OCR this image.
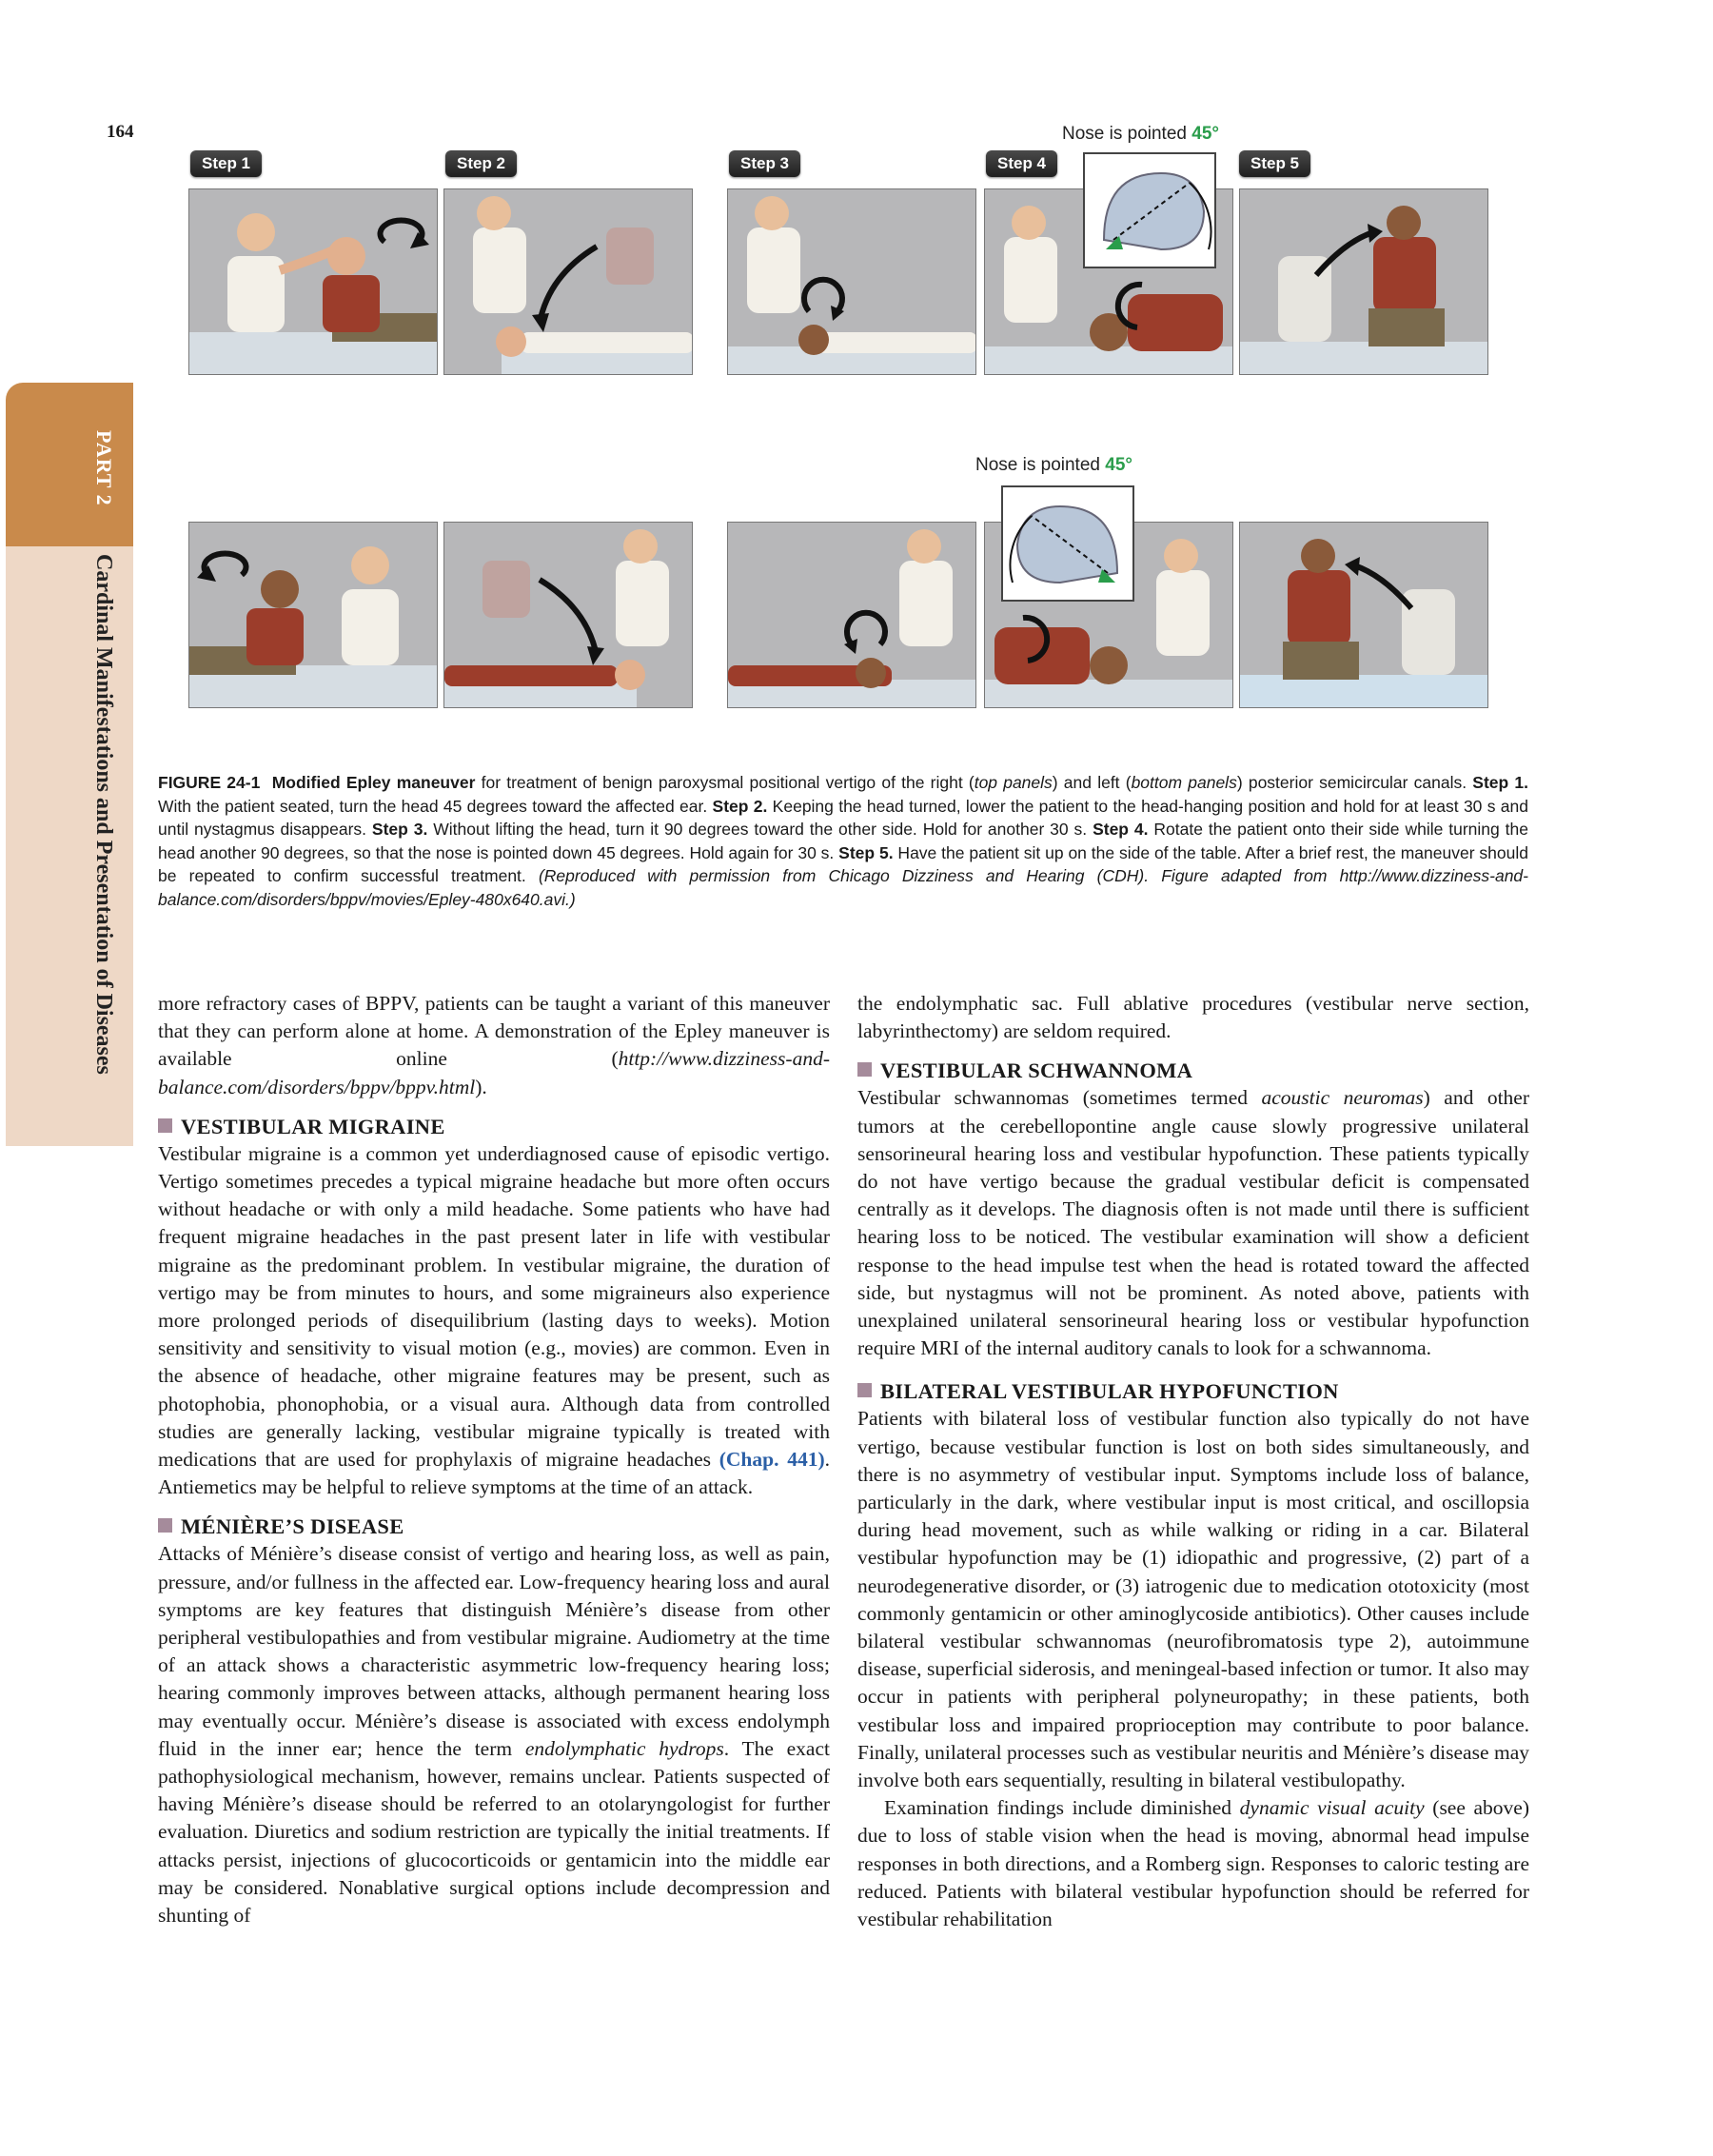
164
PART 2
Cardinal Manifestations and Presentation of Diseases
Step 1	Step 2	Step 3	Step 4	Step 5
Nose is pointed 45°
Nose is pointed 45°
FIGURE 24-1 Modified Epley maneuver for treatment of benign paroxysmal positional vertigo of the right (top panels) and left (bottom panels) posterior semicircular canals. Step 1. With the patient seated, turn the head 45 degrees toward the affected ear. Step 2. Keeping the head turned, lower the patient to the head-hanging position and hold for at least 30 s and until nystagmus disappears. Step 3. Without lifting the head, turn it 90 degrees toward the other side. Hold for another 30 s. Step 4. Rotate the patient onto their side while turning the head another 90 degrees, so that the nose is pointed down 45 degrees. Hold again for 30 s. Step 5. Have the patient sit up on the side of the table. After a brief rest, the maneuver should be repeated to confirm successful treatment. (Reproduced with permission from Chicago Dizziness and Hearing (CDH). Figure adapted from http://www.dizziness-and-balance.com/disorders/bppv/movies/Epley-480x640.avi.)

more refractory cases of BPPV, patients can be taught a variant of this maneuver that they can perform alone at home. A demonstration of the Epley maneuver is available online (http://www.dizziness-and-balance.com/disorders/bppv/bppv.html).

VESTIBULAR MIGRAINE

Vestibular migraine is a common yet underdiagnosed cause of episodic vertigo. Vertigo sometimes precedes a typical migraine headache but more often occurs without headache or with only a mild headache. Some patients who have had frequent migraine headaches in the past present later in life with vestibular migraine as the predominant problem. In vestibular migraine, the duration of vertigo may be from minutes to hours, and some migraineurs also experience more prolonged periods of disequilibrium (lasting days to weeks). Motion sensitivity and sensitivity to visual motion (e.g., movies) are common. Even in the absence of headache, other migraine features may be present, such as photophobia, phonophobia, or a visual aura. Although data from controlled studies are generally lacking, vestibular migraine typically is treated with medications that are used for prophylaxis of migraine headaches (Chap. 441). Antiemetics may be helpful to relieve symptoms at the time of an attack.

MÉNIÈRE’S DISEASE

Attacks of Ménière’s disease consist of vertigo and hearing loss, as well as pain, pressure, and/or fullness in the affected ear. Low-frequency hearing loss and aural symptoms are key features that distinguish Ménière’s disease from other peripheral vestibulopathies and from vestibular migraine. Audiometry at the time of an attack shows a characteristic asymmetric low-frequency hearing loss; hearing commonly improves between attacks, although permanent hearing loss may eventually occur. Ménière’s disease is associated with excess endolymph fluid in the inner ear; hence the term endolymphatic hydrops. The exact pathophysiological mechanism, however, remains unclear. Patients suspected of having Ménière’s disease should be referred to an otolaryngologist for further evaluation. Diuretics and sodium restriction are typically the initial treatments. If attacks persist, injections of glucocorticoids or gentamicin into the middle ear may be considered. Nonablative surgical options include decompression and shunting of

the endolymphatic sac. Full ablative procedures (vestibular nerve section, labyrinthectomy) are seldom required.

VESTIBULAR SCHWANNOMA

Vestibular schwannomas (sometimes termed acoustic neuromas) and other tumors at the cerebellopontine angle cause slowly progressive unilateral sensorineural hearing loss and vestibular hypofunction. These patients typically do not have vertigo because the gradual vestibular deficit is compensated centrally as it develops. The diagnosis often is not made until there is sufficient hearing loss to be noticed. The vestibular examination will show a deficient response to the head impulse test when the head is rotated toward the affected side, but nystagmus will not be prominent. As noted above, patients with unexplained unilateral sensorineural hearing loss or vestibular hypofunction require MRI of the internal auditory canals to look for a schwannoma.

BILATERAL VESTIBULAR HYPOFUNCTION

Patients with bilateral loss of vestibular function also typically do not have vertigo, because vestibular function is lost on both sides simultaneously, and there is no asymmetry of vestibular input. Symptoms include loss of balance, particularly in the dark, where vestibular input is most critical, and oscillopsia during head movement, such as while walking or riding in a car. Bilateral vestibular hypofunction may be (1) idiopathic and progressive, (2) part of a neurodegenerative disorder, or (3) iatrogenic due to medication ototoxicity (most commonly gentamicin or other aminoglycoside antibiotics). Other causes include bilateral vestibular schwannomas (neurofibromatosis type 2), autoimmune disease, superficial siderosis, and meningeal-based infection or tumor. It also may occur in patients with peripheral polyneuropathy; in these patients, both vestibular loss and impaired proprioception may contribute to poor balance. Finally, unilateral processes such as vestibular neuritis and Ménière’s disease may involve both ears sequentially, resulting in bilateral vestibulopathy.

Examination findings include diminished dynamic visual acuity (see above) due to loss of stable vision when the head is moving, abnormal head impulse responses in both directions, and a Romberg sign. Responses to caloric testing are reduced. Patients with bilateral vestibular hypofunction should be referred for vestibular rehabilitation
